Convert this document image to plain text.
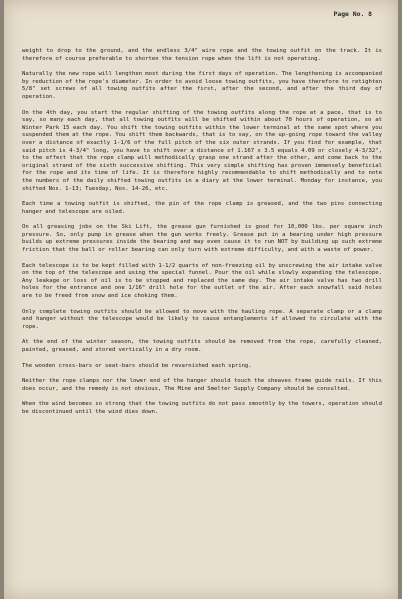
Page No. 8

weight to drop to the ground, and the endless 3/4" wire rope and the towing outfit on the track. It is therefore of course preferable to shorten the tension rope when the lift is not operating.

Naturally the new rope will lengthen most during the first days of operation. The lengthening is accompanied by reduction of the rope's diameter. In order to avoid loose towing outfits, you have therefore to retighten 5/8" set screws of all towing outfits after the first, after the second, and after the third day of operation.

On the 4th day, you start the regular shifting of the towing outfits along the rope at a pace, that is to say, so many each day, that all towing outfits will be shifted within about 70 hours of operation, so at Winter Park 15 each day. You shift the towing outfits within the lower terminal at the same spot where you suspended them at the rope. You shift them backwards, that is to say, on the up-going rope toward the valley over a distance of exactly 1-1/6 of the full pitch of the six outer strands. If you find for example, that said pitch is 4-3/4" long, you have to shift over a distance of 1.167 x 3.5 equals 4.09 or closely 4-3/32", to the effect that the rope clamp will methodically grasp one strand after the other, and come back to the original strand of the sixth successive shifting. This very simple shifting has proven immensely beneficial for the rope and its time of life. It is therefore highly recommendable to shift methodically and to note the numbers of the daily shifted towing outfits in a diary at the lower terminal. Monday for instance, you shifted Nos. 1-13; Tuesday, Nos. 14-26, etc.

Each time a towing outfit is shifted, the pin of the rope clamp is greased, and the two pins connecting hanger and telescope are oiled.

On all greasing jobs on the Ski Lift, the grease gun furnished is good for 10,000 lbs. per square inch pressure. So, only pump in grease when the gun works freely. Grease put in a bearing under high pressure builds up extreme pressures inside the bearing and may even cause it to run NOT by building up such extreme friction that the ball or roller bearing can only turn with extreme difficulty, and with a waste of power.

Each telescope is to be kept filled with 1-1/2 quarts of non-freezing oil by unscrewing the air intake valve on the top of the telescope and using the special funnel. Pour the oil while slowly expanding the telescope. Any leakage or loss of oil is to be stopped and replaced the same day. The air intake valve has two drill holes for the entrance and one 1/16" drill hole for the outlet of the air. After each snowfall said holes are to be freed from snow and ice choking them.

Only complete towing outfits should be allowed to move with the hauling rope. A separate clamp or a clamp and hanger without the telescope would be likely to cause entanglements if allowed to circulate with the rope.

At the end of the winter season, the towing outfits should be removed from the rope, carefully cleaned, painted, greased, and stored vertically in a dry room.

The wooden cross-bars or seat-bars should be revarnished each spring.

Neither the rope clamps nor the lower end of the hanger should touch the sheaves frame guide rails. If this does occur, and the remedy is not obvious, The Mine and Smelter Supply Company should be consulted.

When the wind becomes so strong that the towing outfits do not pass smoothly by the towers, operation should be discontinued until the wind dies down.
